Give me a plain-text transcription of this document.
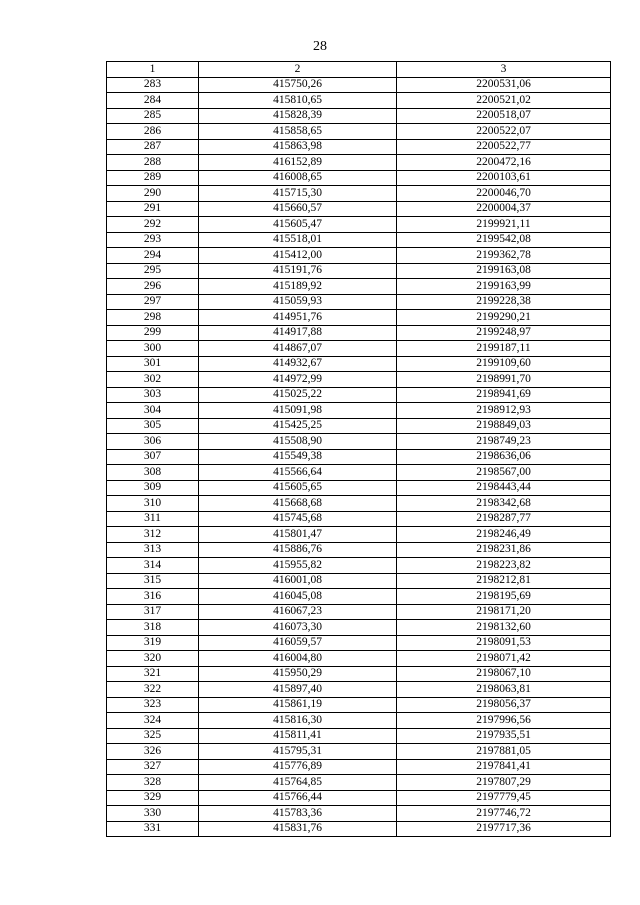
28
1	2	3
283	415750,26	2200531,06
284	415810,65	2200521,02
285	415828,39	2200518,07
286	415858,65	2200522,07
287	415863,98	2200522,77
288	416152,89	2200472,16
289	416008,65	2200103,61
290	415715,30	2200046,70
291	415660,57	2200004,37
292	415605,47	2199921,11
293	415518,01	2199542,08
294	415412,00	2199362,78
295	415191,76	2199163,08
296	415189,92	2199163,99
297	415059,93	2199228,38
298	414951,76	2199290,21
299	414917,88	2199248,97
300	414867,07	2199187,11
301	414932,67	2199109,60
302	414972,99	2198991,70
303	415025,22	2198941,69
304	415091,98	2198912,93
305	415425,25	2198849,03
306	415508,90	2198749,23
307	415549,38	2198636,06
308	415566,64	2198567,00
309	415605,65	2198443,44
310	415668,68	2198342,68
311	415745,68	2198287,77
312	415801,47	2198246,49
313	415886,76	2198231,86
314	415955,82	2198223,82
315	416001,08	2198212,81
316	416045,08	2198195,69
317	416067,23	2198171,20
318	416073,30	2198132,60
319	416059,57	2198091,53
320	416004,80	2198071,42
321	415950,29	2198067,10
322	415897,40	2198063,81
323	415861,19	2198056,37
324	415816,30	2197996,56
325	415811,41	2197935,51
326	415795,31	2197881,05
327	415776,89	2197841,41
328	415764,85	2197807,29
329	415766,44	2197779,45
330	415783,36	2197746,72
331	415831,76	2197717,36
